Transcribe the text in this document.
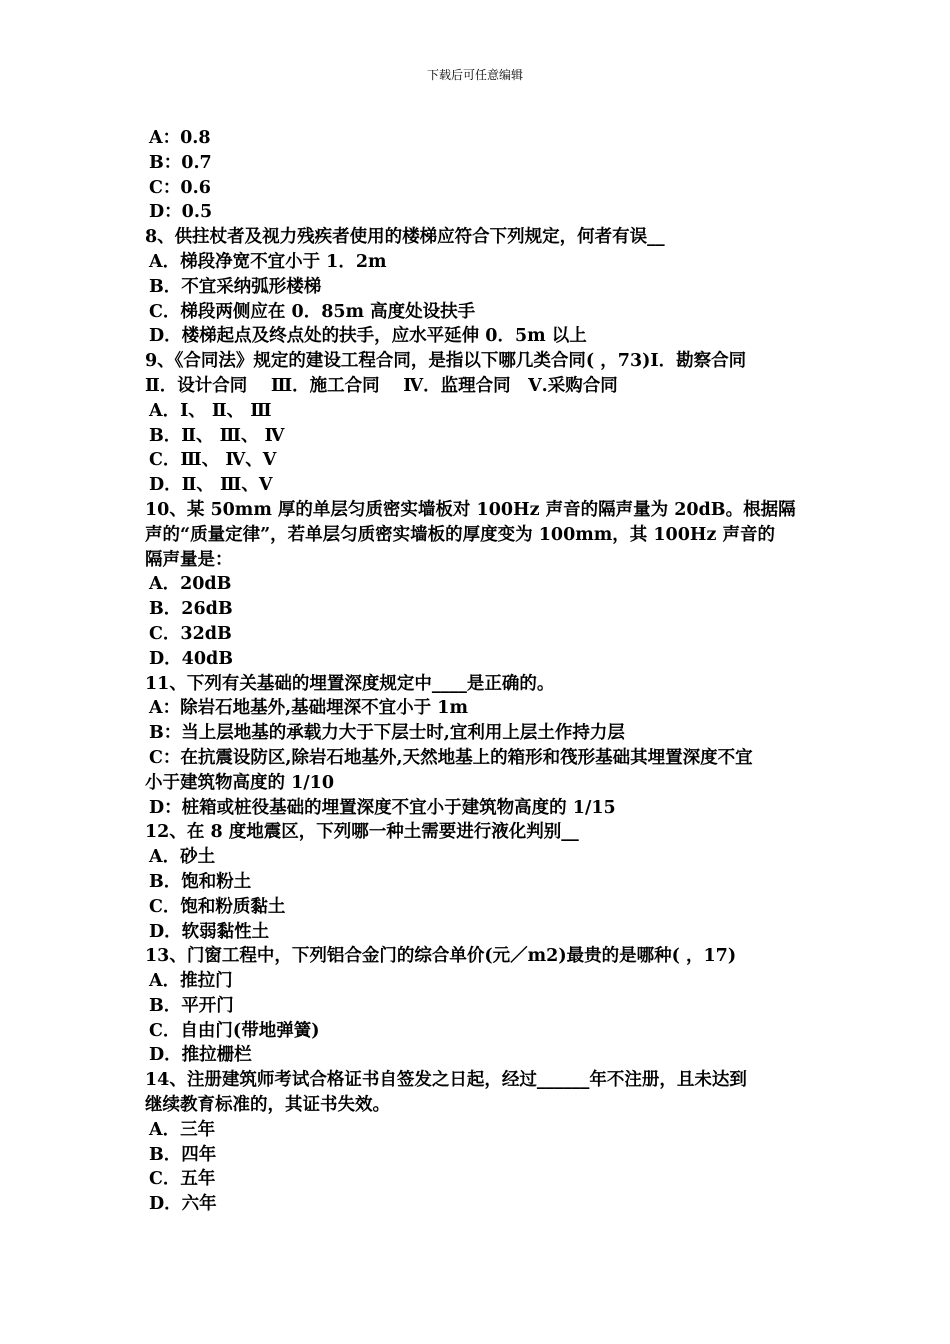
下载后可任意编辑
A：0.8
B：0.7
C：0.6
D：0.5
8、供拄杖者及视力残疾者使用的楼梯应符合下列规定，何者有误__
A．梯段净宽不宜小于 1．2m
B．不宜采纳弧形楼梯
C．梯段两侧应在 0．85m 高度处设扶手
D．楼梯起点及终点处的扶手，应水平延伸 0．5m 以上
9、《合同法》规定的建设工程合同，是指以下哪几类合同( ，73)Ⅰ．勘察合同
Ⅱ．设计合同　 Ⅲ．施工合同　 Ⅳ．监理合同　Ⅴ.采购合同
A．Ⅰ、 Ⅱ、 Ⅲ
B．Ⅱ、 Ⅲ、 Ⅳ
C．Ⅲ、 Ⅳ、Ⅴ
D．Ⅱ、 Ⅲ、Ⅴ
10、某 50mm 厚的单层匀质密实墙板对 100Hz 声音的隔声量为 20dB。根据隔
声的“质量定律”，若单层匀质密实墙板的厚度变为 100mm，其 100Hz 声音的
隔声量是：
A．20dB
B．26dB
C．32dB
D．40dB
11、下列有关基础的埋置深度规定中____是正确的。
A：除岩石地基外,基础埋深不宜小于 1m
B：当上层地基的承载力大于下层士时,宜利用上层土作持力层
C：在抗震设防区,除岩石地基外,天然地基上的箱形和筏形基础其埋置深度不宜
小于建筑物高度的 1/10
D：桩箱或桩役基础的埋置深度不宜小于建筑物高度的 1/15
12、在 8 度地震区，下列哪一种土需要进行液化判别__
A．砂土
B．饱和粉土
C．饱和粉质黏土
D．软弱黏性土
13、门窗工程中，下列铝合金门的综合单价(元／m2)最贵的是哪种( ，17)
A．推拉门
B．平开门
C．自由门(带地弹簧)
D．推拉栅栏
14、注册建筑师考试合格证书自签发之日起，经过______年不注册，且未达到
继续教育标准的，其证书失效。
A．三年
B．四年
C．五年
D．六年
